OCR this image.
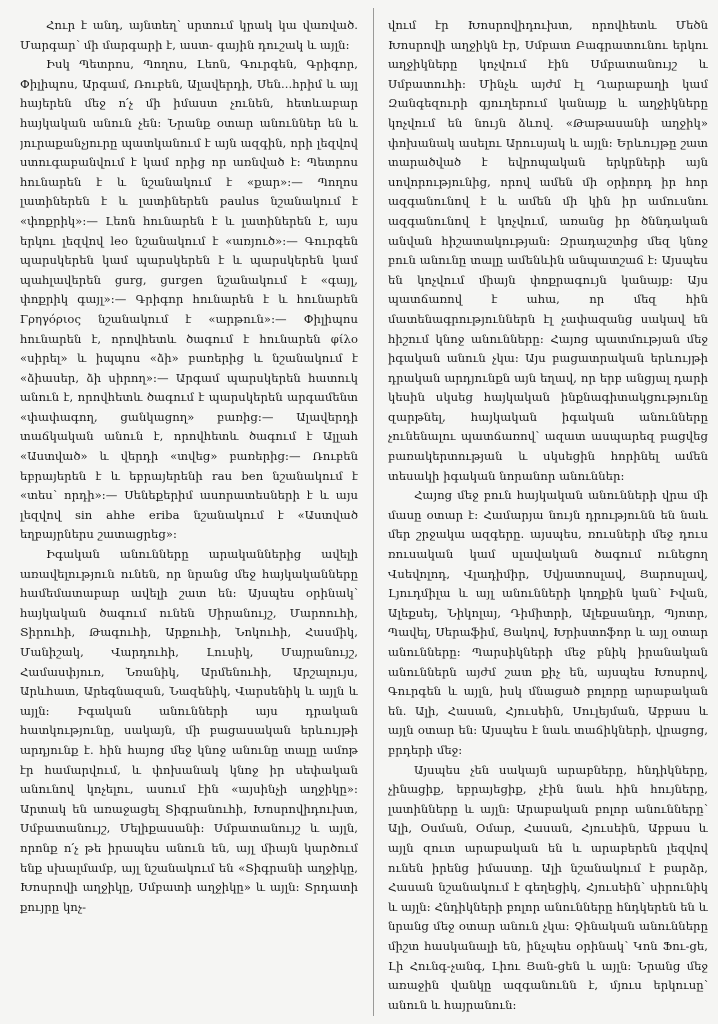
Հուր է անդ, այնտեղ՝ սրտում կրակ կա վառված. Մարգար՝ մի մարգարի է, աստ֊ գային դուշակ և այլն։

Իսկ Պետրոս, Պողոս, Լեոն, Գուրգեն, Գրիգոր, Փիլիպոս, Արգամ, Ռուբեն, Ալավերդի, Սեն...հրիմ և այլ հայերեն մեջ ո՛չ մի իմաստ չունեն, հետևաբար հայկական անուն չեն։ Նրանք օտար անուններ են և յուրաքանչյուրը պատկանում է այն ազգին, որի լեզվով ստուգաբանվում է կամ որից որ առնված է։ Պետրոս հունարեն է և նշանակում է «քար»։— Պողոս լատիներեն է և լատիներեն paulus նշանակում է «փոքրիկ»։— Լեոն հունարեն է և լատիներեն է, այս երկու լեզվով leo նշանակում է «առյուծ»։— Գուրգեն պարսկերեն կամ պարսկերեն է և պարսկերեն կամ պահլավերեն gurg, gurgen նշանակում է «գայլ, փոքրիկ գայլ»։— Գրիգոր հունարեն է և հունարեն Γρηγόριος նշանակում է «արթուն»։— Փիլիպոս հունարեն է, որովհետև ծագում է հունարեն φίλο «սիրել» և իպպոս «ձի» բառերից և նշանակում է «ձիասեր, ձի սիրող»։— Արգամ պարսկերեն հատուկ անուն է, որովհետև ծագում է պարսկերեն արգամենտ «փափագող, ցանկացող» բառից։— Ալավերդի տաճկական անուն է, որովհետև ծագում է Ալլահ «Աստված» և վերդի «տվեց» բառերից։— Ռուբեն եբրայերեն է և եբրայերենի rau ben նշանակում է «տես՝ որդի»։— Սենեքերիմ ասորատեսների է և այս լեզվով sin ahhe eriba նշանակում է «Աստված եղբայրներս շատացրեց»։

Իգական անունները արականներից ավելի առավելություն ունեն, որ նրանց մեջ հայկականները համեմատաբար ավելի շատ են։ Այսպես օրինակ՝ հայկական ծագում ունեն Սիրանույշ, Մարոուհի, Տիրուհի, Թագուհի, Արքուհի, Նոկուհի, Հասմիկ, Մանիշակ, Վարդուհի, Լուսիկ, Մայրանույշ, Համասփյուռ, Նռանիկ, Արմենուհի, Արշալույս, Արևհատ, Արեգնազան, Նազենիկ, Վարսենիկ և այլն և այլն։ Իգական անունների այս դրական հատկությունը, սակայն, մի բացասական երևույթի արդյունք է. հին հայոց մեջ կնոջ անունը տալը ամոթ էր համարվում, և փոխանակ կնոջ իր սեփական անունով կոչելու, ասում էին «այսինչի աղջիկը»։ Արտակ են առաջացել Տիգրանուհի, Խոսրովիդուխտ, Սմբատանույշ, Մելիքասանի։ Սմբատանույշ և այլն, որոնք ո՛չ թե իրապես անուն են, այլ միայն կարծում ենք սխալմամբ, այլ նշանակում են «Տիգրանի աղջիկը, Խոսրովի աղջիկը, Սմբատի աղջիկը» և այլն։ Տրդատի քույրը կոչ-

վում էր Խոսրովիդուխտ, որովհետև Մեծն Խոսրովի աղջիկն էր, Սմբատ Բագրատունու երկու աղջիկները կոչվում էին Սմբատանույշ և Սմբատուհի։ Մինչև այժմ էլ Ղարաբաղի կամ Զանգեզուրի գյուղերում կանայք և աղջիկները կոչվում են նույն ձևով. «Թաթասանի աղջիկ» փոխանակ ասելու Արուսյակ և այլն։ Երևույթը շատ տարածված է եվրոպական երկրների այն սովորությունից, որով ամեն մի օրիորդ իր հոր ազգանունով է և ամեն մի կին իր ամուսնու ազգանունով է կոչվում, առանց իր ծննդական անվան հիշատակության։ Զրադաշտից մեզ կնոջ բուն անունը տալը ամենևին անպատշաճ է։ Այսպես են կոչվում միայն փոքրագույն կանայք։ Այս պատճառով է ահա, որ մեզ հին մատենագրություններն էլ չափազանց սակավ են հիշում կնոջ անունները։ Հայոց պատմության մեջ իգական անուն չկա։ Այս բացատրական երևույթի դրական արդյունքն այն եղավ, որ երբ անցյալ դարի կեսին սկսեց հայկական ինքնագիտակցությունը զարթնել, հայկական իգական անունները չունենալու պատճառով՝ ազատ ասպարեզ բացվեց բառակերտության և սկսեցին հորինել ամեն տեսակի իգական նորանոր անուններ։

Հայոց մեջ բուն հայկական անունների վրա մի մասը օտար է։ Համարյա նույն դրությունն են նաև մեր շրջակա ազգերը. այսպես, ռուսների մեջ դուս ռուսական կամ սլավական ծագում ունեցող Վսեվոլոդ, Վլադիմիր, Սվյատոսլավ, Յարոսլավ, Լյուդմիլա և այլ անունների կողքին կան՝ Իվան, Ալեքսեյ, Նիկոլայ, Դիմիտրի, Ալեքսանդր, Պյոտր, Պավել, Սերաֆիմ, Յակով, Խրիստոֆոր և այլ օտար անունները։ Պարսիկների մեջ բնիկ իրանական անուններն այժմ շատ քիչ են, այսպես Խոսրով, Գուրգեն և այլն, իսկ մնացած բոլորը արաբական են. Ալի, Հասան, Հյուսեին, Սուլեյման, Աբբաս և այլն օտար են։ Այսպես է նաև տաճիկների, վրացոց, բրդերի մեջ։

Այսպես չեն սակայն արաբները, հնդիկները, չինացիք, եբրայեցիք, չէին նաև հին հույները, լատինները և այլն։ Արաբական բոլոր անունները՝ Ալի, Օսման, Օմար, Հասան, Հյուսեին, Աբբաս և այլն զուտ արաբական են և արաբերեն լեզվով ունեն իրենց իմաստը. Ալի նշանակում է բարձր, Հասան նշանակում է գեղեցիկ, Հյուսեին՝ սիրունիկ և այլն։ Հնդիկների բոլոր անունները հնդկերեն են և նրանց մեջ օտար անուն չկա։ Չինական անունները միշտ հասկանալի են, ինչպես օրինակ՝ Կոն Ֆու-ցե, Լի Հունգ-չանգ, Լիու Յան-ցեն և այլն։ Նրանց մեջ առաջին վանկը ազգանունն է, մյուս երկուսը՝ անուն և հայրանուն։
